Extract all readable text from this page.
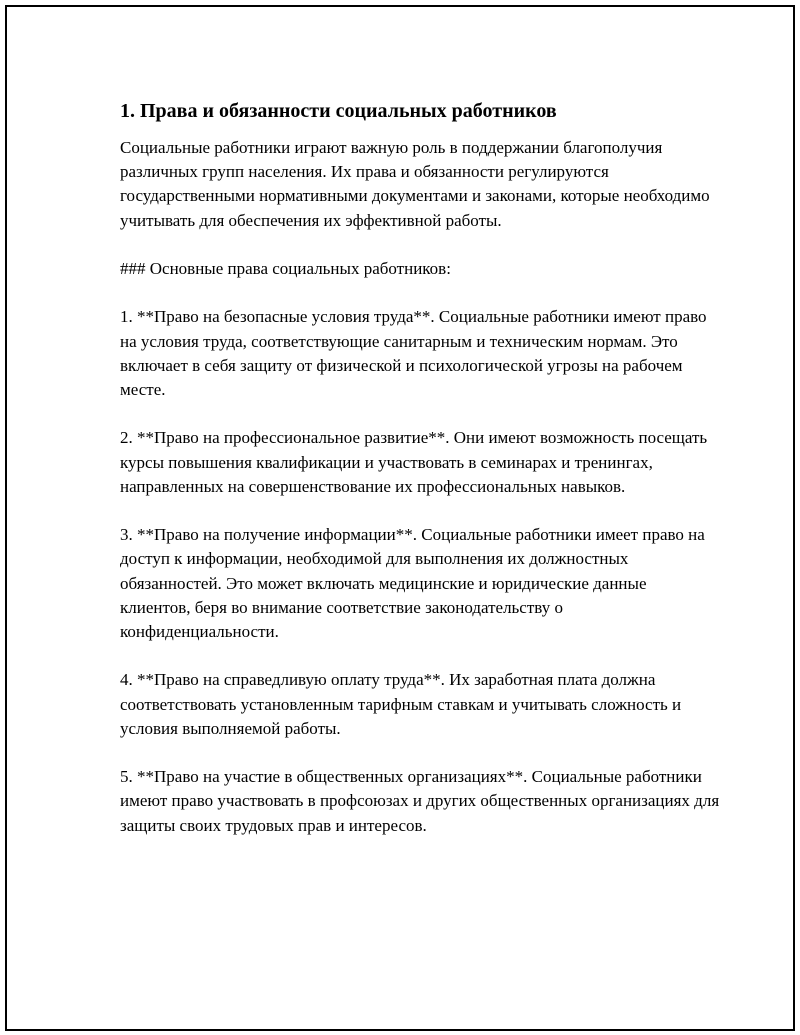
1. Права и обязанности социальных работников

Социальные работники играют важную роль в поддержании благополучия различных групп населения. Их права и обязанности регулируются государственными нормативными документами и законами, которые необходимо учитывать для обеспечения их эффективной работы.

### Основные права социальных работников:

1. **Право на безопасные условия труда**. Социальные работники имеют право на условия труда, соответствующие санитарным и техническим нормам. Это включает в себя защиту от физической и психологической угрозы на рабочем месте.

2. **Право на профессиональное развитие**. Они имеют возможность посещать курсы повышения квалификации и участвовать в семинарах и тренингах, направленных на совершенствование их профессиональных навыков.

3. **Право на получение информации**. Социальные работники имеет право на доступ к информации, необходимой для выполнения их должностных обязанностей. Это может включать медицинские и юридические данные клиентов, беря во внимание соответствие законодательству о конфиденциальности.

4. **Право на справедливую оплату труда**. Их заработная плата должна соответствовать установленным тарифным ставкам и учитывать сложность и условия выполняемой работы.

5. **Право на участие в общественных организациях**. Социальные работники имеют право участвовать в профсоюзах и других общественных организациях для защиты своих трудовых прав и интересов.
